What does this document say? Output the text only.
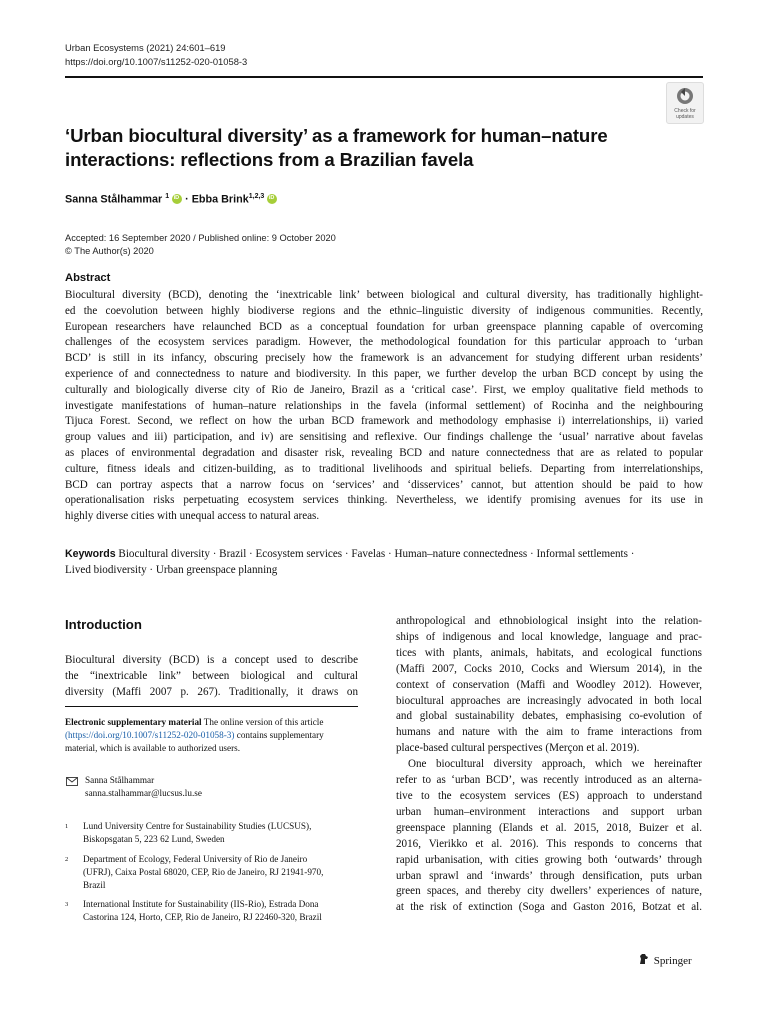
Urban Ecosystems (2021) 24:601–619
https://doi.org/10.1007/s11252-020-01058-3
Check for
updates
‘Urban biocultural diversity’ as a framework for human–nature
interactions: reflections from a Brazilian favela
Sanna Stålhammar $^1$ iD · Ebba Brink$^{1,2,3}$ iD
Accepted: 16 September 2020 / Published online: 9 October 2020
© The Author(s) 2020
Abstract
Biocultural diversity (BCD), denoting the ‘inextricable link’ between biological and cultural diversity, has traditionally highlight-
ed the coevolution between highly biodiverse regions and the ethnic–linguistic diversity of indigenous communities. Recently,
European researchers have relaunched BCD as a conceptual foundation for urban greenspace planning capable of overcoming
challenges of the ecosystem services paradigm. However, the methodological foundation for this particular approach to ‘urban
BCD’ is still in its infancy, obscuring precisely how the framework is an advancement for studying different urban residents’
experience of and connectedness to nature and biodiversity. In this paper, we further develop the urban BCD concept by using the
culturally and biologically diverse city of Rio de Janeiro, Brazil as a ‘critical case’. First, we employ qualitative field methods to
investigate manifestations of human–nature relationships in the favela (informal settlement) of Rocinha and the neighbouring
Tijuca Forest. Second, we reflect on how the urban BCD framework and methodology emphasise i) interrelationships, ii) varied
group values and iii) participation, and iv) are sensitising and reflexive. Our findings challenge the ‘usual’ narrative about favelas
as places of environmental degradation and disaster risk, revealing BCD and nature connectedness that are as related to popular
culture, fitness ideals and citizen-building, as to traditional livelihoods and spiritual beliefs. Departing from interrelationships,
BCD can portray aspects that a narrow focus on ‘services’ and ‘disservices’ cannot, but attention should be paid to how
operationalisation risks perpetuating ecosystem services thinking. Nevertheless, we identify promising avenues for its use in
highly diverse cities with unequal access to natural areas.
Keywords Biocultural diversity · Brazil · Ecosystem services · Favelas · Human–nature connectedness · Informal settlements ·
Lived biodiversity · Urban greenspace planning
Introduction
Biocultural diversity (BCD) is a concept used to describe
the “inextricable link” between biological and cultural
diversity (Maffi 2007 p. 267). Traditionally, it draws on
Electronic supplementary material The online version of this article
(https://doi.org/10.1007/s11252-020-01058-3) contains supplementary
material, which is available to authorized users.
Sanna Stålhammar
sanna.stalhammar@lucsus.lu.se
1	Lund University Centre for Sustainability Studies (LUCSUS),
Biskopsgatan 5, 223 62 Lund, Sweden
2	Department of Ecology, Federal University of Rio de Janeiro
(UFRJ), Caixa Postal 68020, CEP, Rio de Janeiro, RJ 21941-970,
Brazil
3	International Institute for Sustainability (IIS-Rio), Estrada Dona
Castorina 124, Horto, CEP, Rio de Janeiro, RJ 22460-320, Brazil
anthropological and ethnobiological insight into the relation-
ships of indigenous and local knowledge, language and prac-
tices with plants, animals, habitats, and ecological functions
(Maffi 2007, Cocks 2010, Cocks and Wiersum 2014), in the
context of conservation (Maffi and Woodley 2012). However,
biocultural approaches are increasingly advocated in both local
and global sustainability debates, emphasising co-evolution of
humans and nature with the aim to frame interactions from
place-based cultural perspectives (Merçon et al. 2019).
One biocultural diversity approach, which we hereinafter
refer to as ‘urban BCD’, was recently introduced as an alterna-
tive to the ecosystem services (ES) approach to understand
urban human–environment interactions and support urban
greenspace planning (Elands et al. 2015, 2018, Buizer et al.
2016, Vierikko et al. 2016). This responds to concerns that
rapid urbanisation, with cities growing both ‘outwards’ through
urban sprawl and ‘inwards’ through densification, puts urban
green spaces, and thereby city dwellers’ experiences of nature,
at the risk of extinction (Soga and Gaston 2016, Botzat et al.
Springer
